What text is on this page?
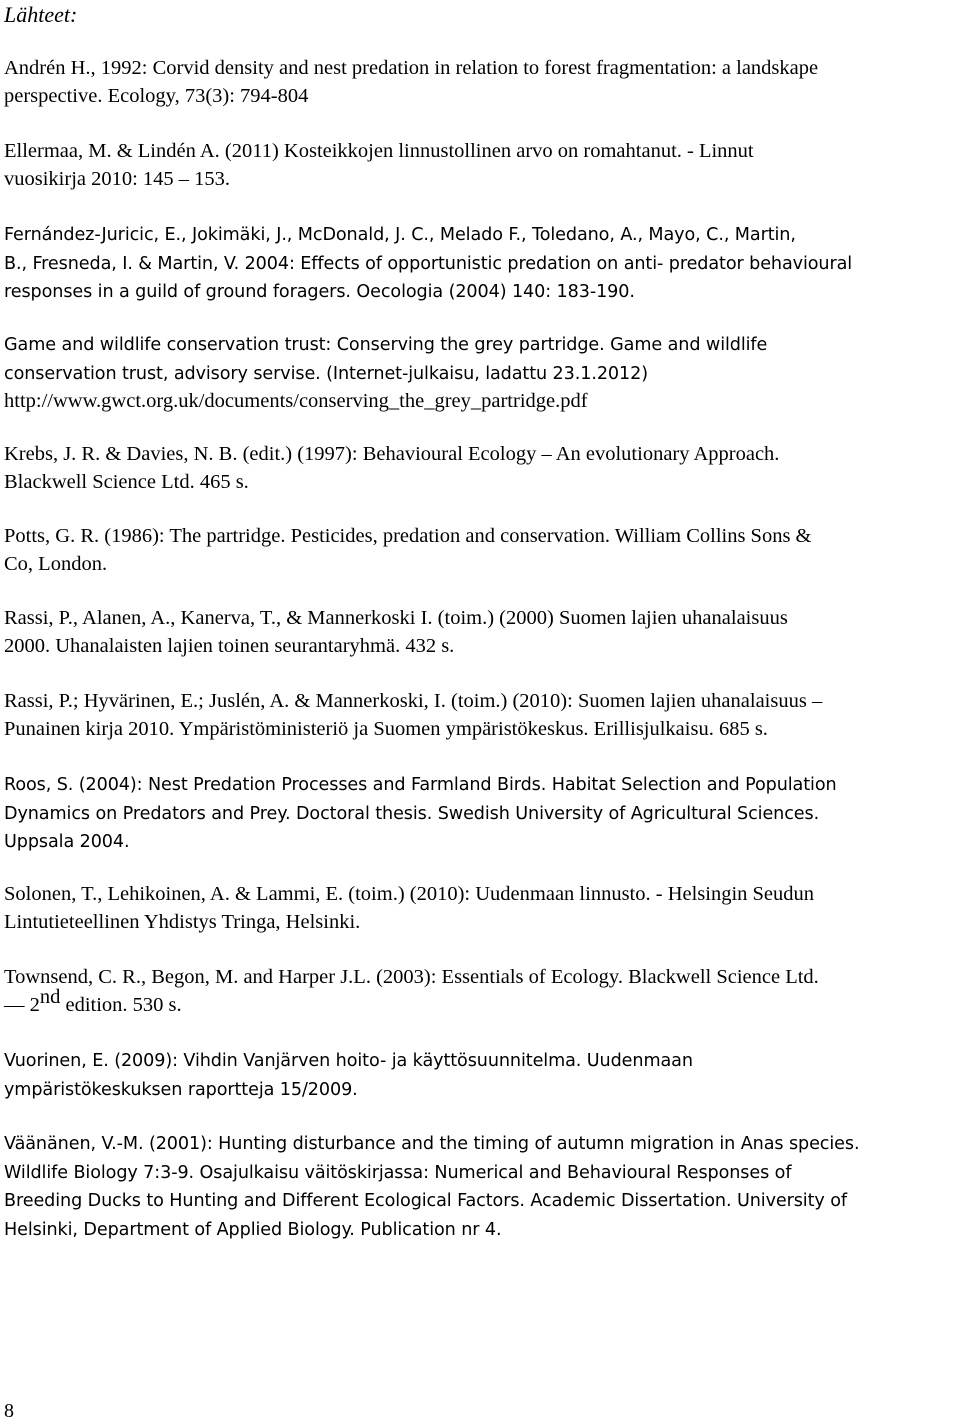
Lähteet:

Andrén H., 1992: Corvid density and nest predation in relation to forest fragmentation: a landskape
perspective. Ecology, 73(3): 794-804

Ellermaa, M. & Lindén A. (2011) Kosteikkojen linnustollinen arvo on romahtanut. - Linnut
vuosikirja 2010: 145 – 153.

Fernández-Juricic, E., Jokimäki, J., McDonald, J. C., Melado F., Toledano, A., Mayo, C., Martin,
B., Fresneda, I. & Martin, V. 2004: Effects of opportunistic predation on anti- predator behavioural
responses in a guild of ground foragers. Oecologia (2004) 140: 183-190.

Game and wildlife conservation trust: Conserving the grey partridge. Game and wildlife
conservation trust, advisory servise. (Internet-julkaisu, ladattu 23.1.2012)
http://www.gwct.org.uk/documents/conserving_the_grey_partridge.pdf

Krebs, J. R. & Davies, N. B. (edit.) (1997): Behavioural Ecology – An evolutionary Approach.
Blackwell Science Ltd. 465 s.

Potts, G. R. (1986): The partridge. Pesticides, predation and conservation. William Collins Sons &
Co, London.

Rassi, P., Alanen, A., Kanerva, T., & Mannerkoski I. (toim.) (2000) Suomen lajien uhanalaisuus
2000. Uhanalaisten lajien toinen seurantaryhmä. 432 s.

Rassi, P.; Hyvärinen, E.; Juslén, A. & Mannerkoski, I. (toim.) (2010): Suomen lajien uhanalaisuus –
Punainen kirja 2010. Ympäristöministeriö ja Suomen ympäristökeskus. Erillisjulkaisu. 685 s.

Roos, S. (2004): Nest Predation Processes and Farmland Birds. Habitat Selection and Population
Dynamics on Predators and Prey. Doctoral thesis. Swedish University of Agricultural Sciences.
Uppsala 2004.

Solonen, T., Lehikoinen, A. & Lammi, E. (toim.) (2010): Uudenmaan linnusto. - Helsingin Seudun
Lintutieteellinen Yhdistys Tringa, Helsinki.

Townsend, C. R., Begon, M. and Harper J.L. (2003): Essentials of Ecology. Blackwell Science Ltd.
— 2nd edition. 530 s.

Vuorinen, E. (2009): Vihdin Vanjärven hoito- ja käyttösuunnitelma. Uudenmaan
ympäristökeskuksen raportteja 15/2009.

Väänänen, V.-M. (2001): Hunting disturbance and the timing of autumn migration in Anas species.
Wildlife Biology 7:3-9. Osajulkaisu väitöskirjassa: Numerical and Behavioural Responses of
Breeding Ducks to Hunting and Different Ecological Factors. Academic Dissertation. University of
Helsinki, Department of Applied Biology. Publication nr 4.

8
